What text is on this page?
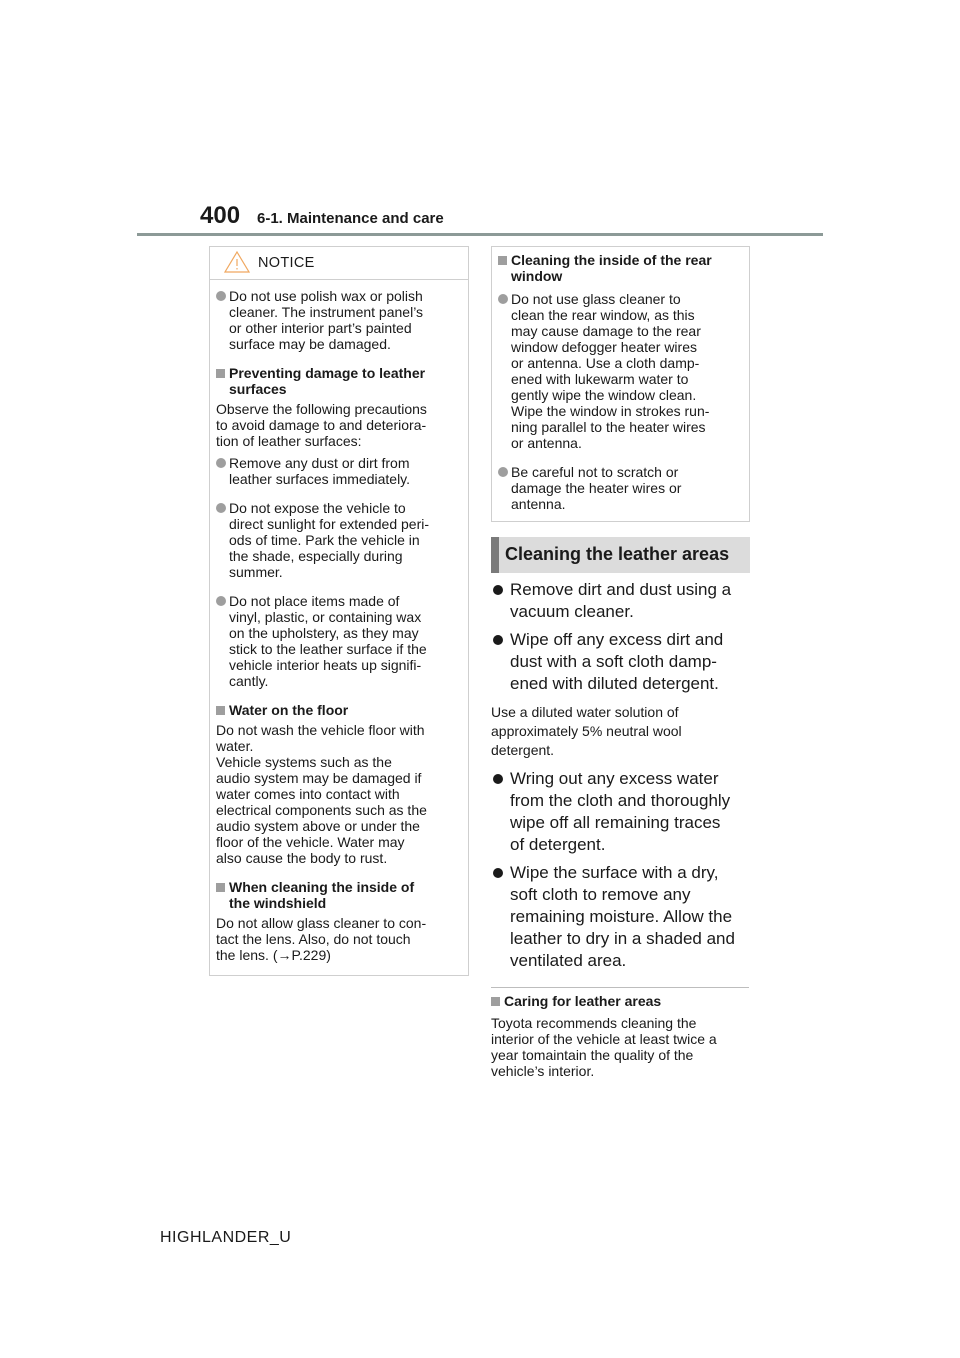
400 6-1. Maintenance and care
NOTICE
Do not use polish wax or polish
cleaner. The instrument panel’s
or other interior part’s painted
surface may be damaged.
Preventing damage to leather
surfaces
Observe the following precautions
to avoid damage to and deteriora-
tion of leather surfaces:
Remove any dust or dirt from
leather surfaces immediately.
Do not expose the vehicle to
direct sunlight for extended peri-
ods of time. Park the vehicle in
the shade, especially during
summer.
Do not place items made of
vinyl, plastic, or containing wax
on the upholstery, as they may
stick to the leather surface if the
vehicle interior heats up signifi-
cantly.
Water on the floor
Do not wash the vehicle floor with
water.
Vehicle systems such as the
audio system may be damaged if
water comes into contact with
electrical components such as the
audio system above or under the
floor of the vehicle. Water may
also cause the body to rust.
When cleaning the inside of
the windshield
Do not allow glass cleaner to con-
tact the lens. Also, do not touch
the lens. (→P.229)
Cleaning the inside of the rear
window
Do not use glass cleaner to
clean the rear window, as this
may cause damage to the rear
window defogger heater wires
or antenna. Use a cloth damp-
ened with lukewarm water to
gently wipe the window clean.
Wipe the window in strokes run-
ning parallel to the heater wires
or antenna.
Be careful not to scratch or
damage the heater wires or
antenna.
Cleaning the leather areas
Remove dirt and dust using a
vacuum cleaner.
Wipe off any excess dirt and
dust with a soft cloth damp-
ened with diluted detergent.
Use a diluted water solution of
approximately 5% neutral wool
detergent.
Wring out any excess water
from the cloth and thoroughly
wipe off all remaining traces
of detergent.
Wipe the surface with a dry,
soft cloth to remove any
remaining moisture. Allow the
leather to dry in a shaded and
ventilated area.
Caring for leather areas
Toyota recommends cleaning the
interior of the vehicle at least twice a
year tomaintain the quality of the
vehicle’s interior.
HIGHLANDER_U
